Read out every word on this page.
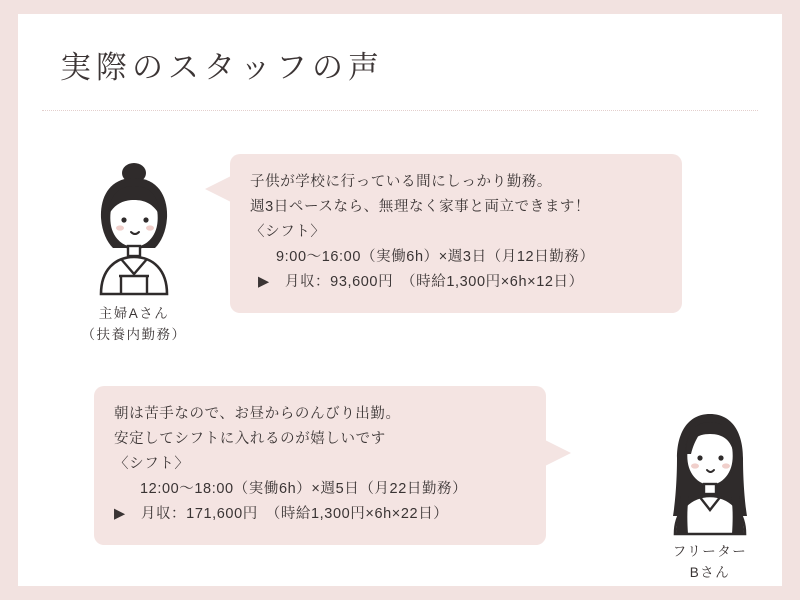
実際のスタッフの声
主婦Aさん
（扶養内勤務）
子供が学校に行っている間にしっかり勤務。
週3日ペースなら、無理なく家事と両立できます！
〈シフト〉
9:00〜16:00（実働6h）×週3日（月12日勤務）
▶　月収：93,600円　（時給1,300円×6h×12日）
朝は苦手なので、お昼からのんびり出勤。
安定してシフトに入れるのが嬉しいです
〈シフト〉
12:00〜18:00（実働6h）×週5日（月22日勤務）
▶　月収：171,600円　（時給1,300円×6h×22日）
フリーター
Bさん
